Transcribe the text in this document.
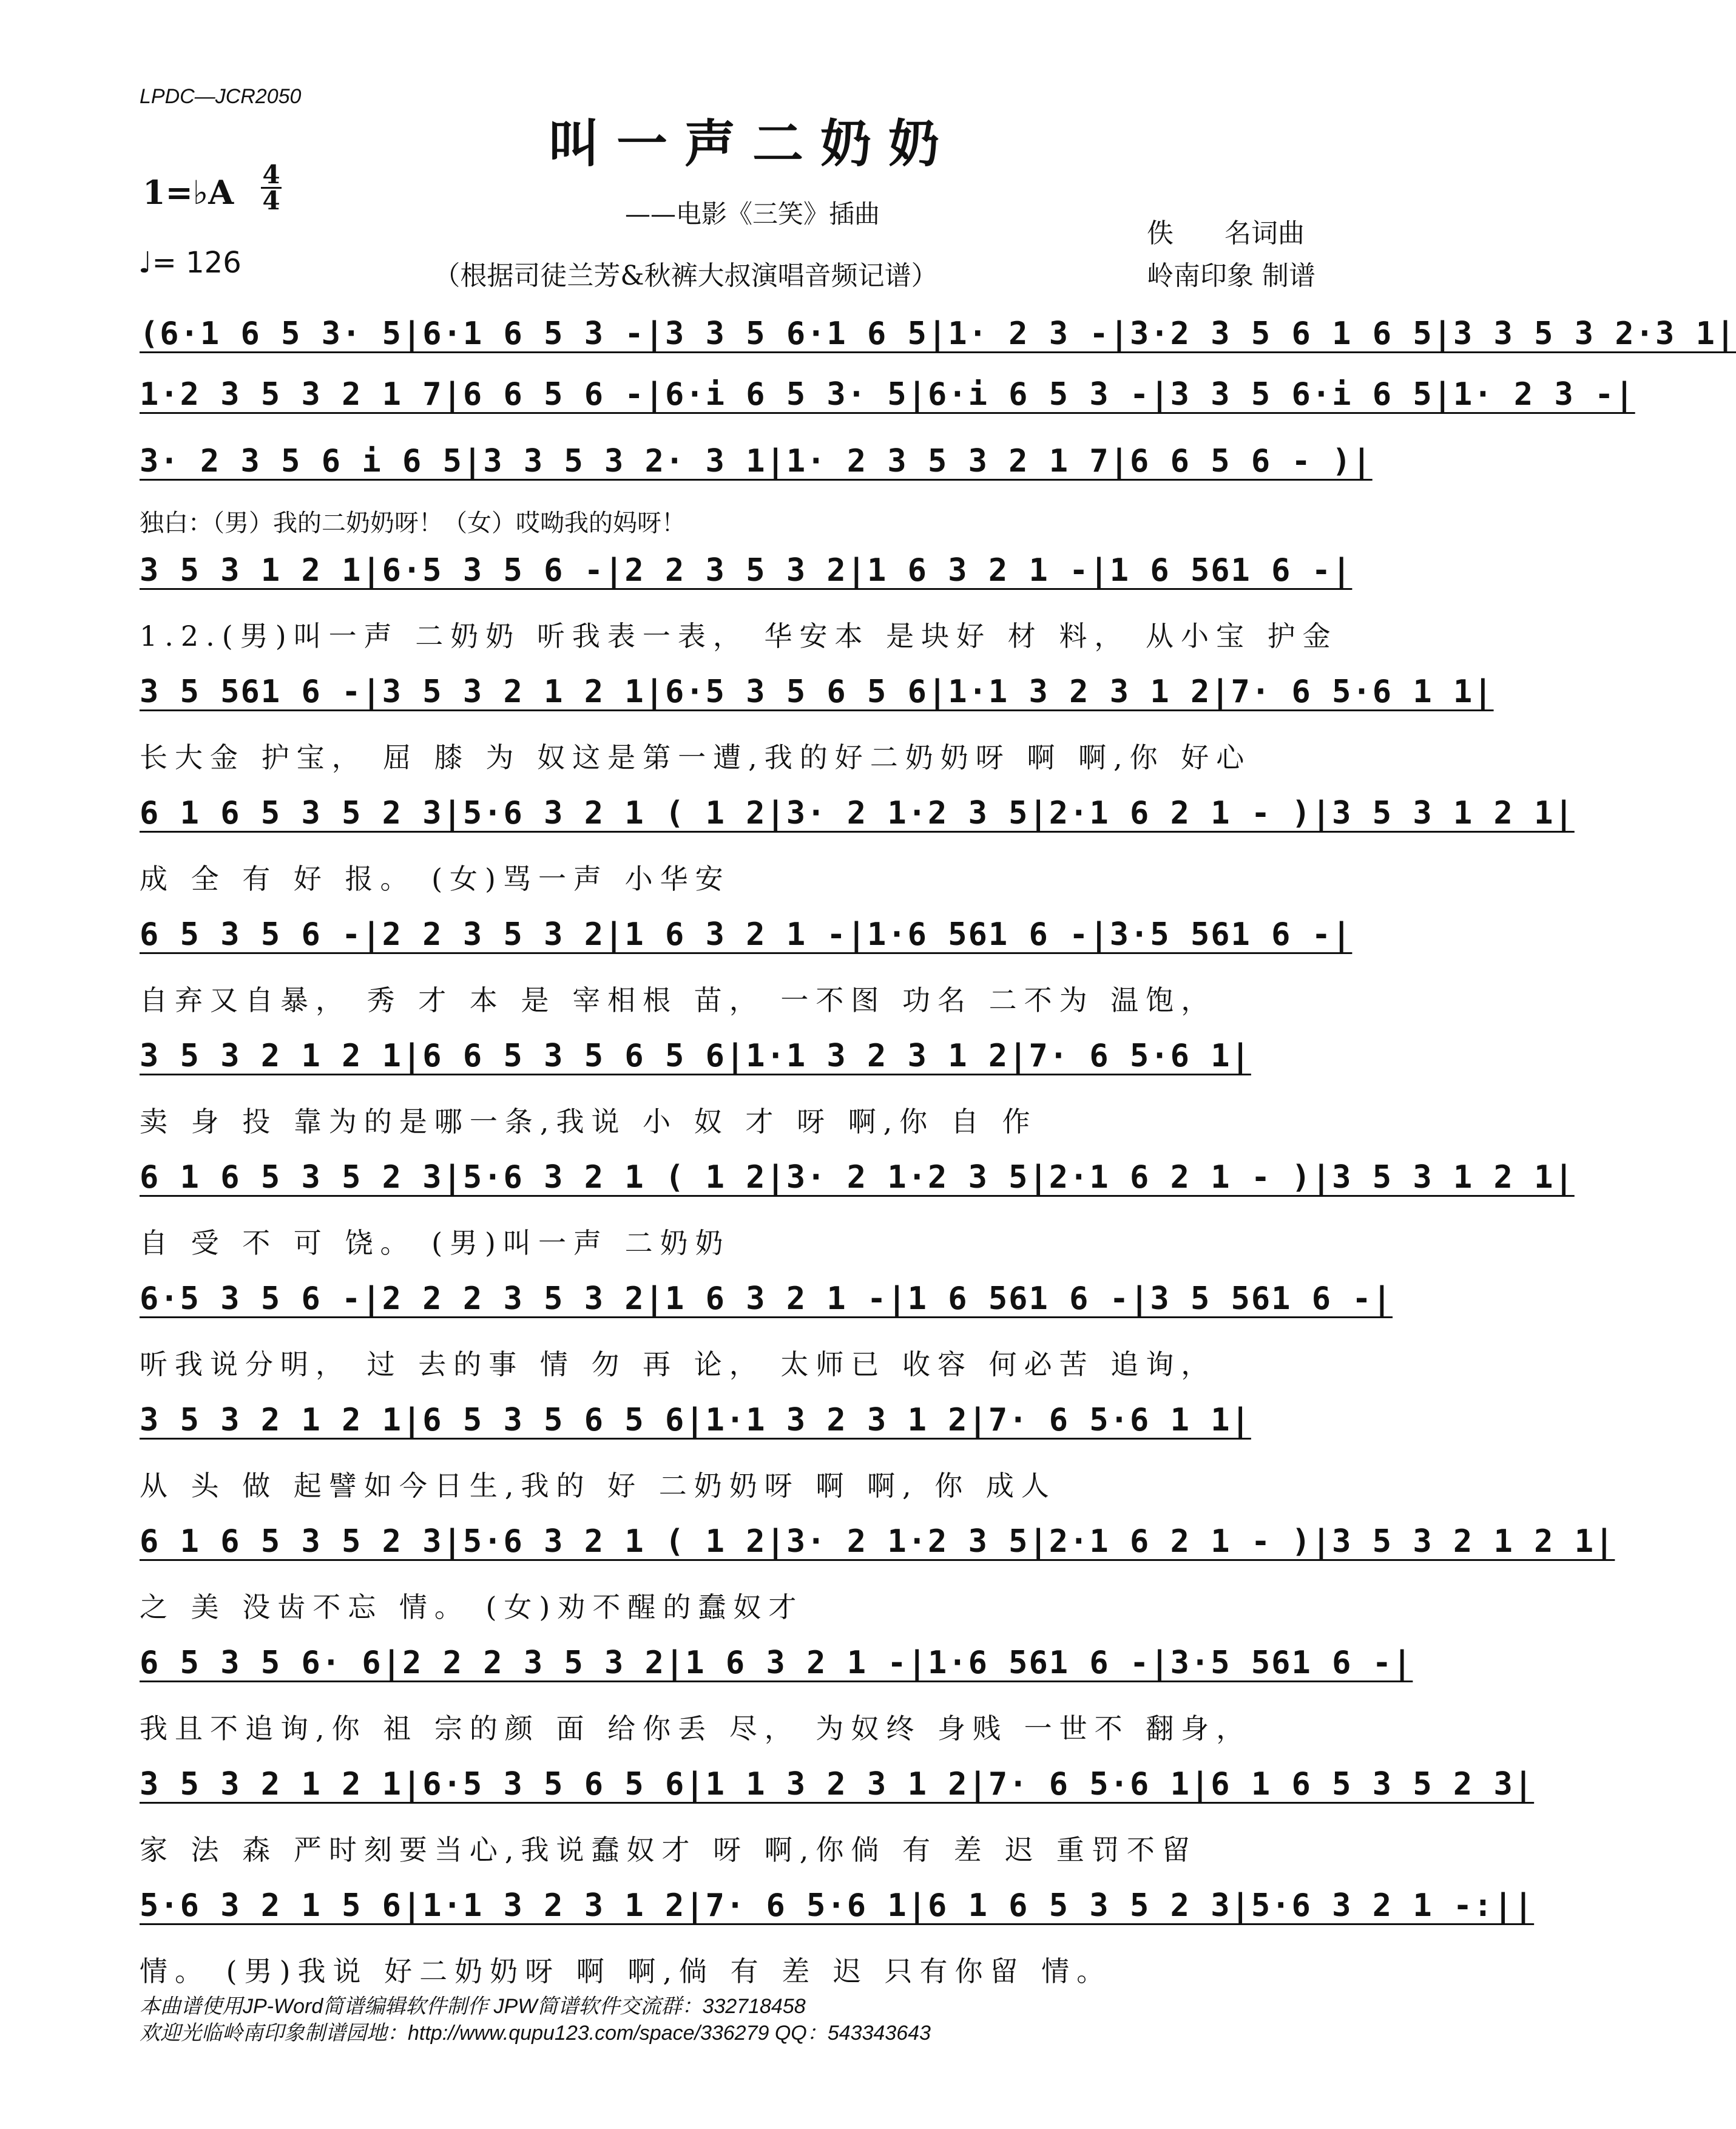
LPDC—JCR2050
叫一声二奶奶
1=♭A 4
4	——电影《三笑》插曲
♩= 126	（根据司徒兰芳&秋裤大叔演唱音频记谱）
佚 名词曲
岭南印象 制谱
(6·1 6 5 3· 5|6·1 6 5 3 -|3 3 5 6·1 6 5|1· 2 3 -|3·2 3 5 6 1 6 5|3 3 5 3 2·3 1|
1·2 3 5 3 2 1 7|6 6 5 6 -|6·i 6 5 3· 5|6·i 6 5 3 -|3 3 5 6·i 6 5|1· 2 3 -|
3· 2 3 5 6 i 6 5|3 3 5 3 2· 3 1|1· 2 3 5 3 2 1 7|6 6 5 6 - )|
独白：（男）我的二奶奶呀！（女）哎呦我的妈呀！
3 5 3 1 2 1|6·5 3 5 6 -|2 2 3 5 3 2|1 6 3 2 1 -|1 6 561 6 -|
1.2.(男)叫一声 二奶奶 听我表一表， 华安本 是块好 材 料， 从小宝 护金
3 5 561 6 -|3 5 3 2 1 2 1|6·5 3 5 6 5 6|1·1 3 2 3 1 2|7· 6 5·6 1 1|
长大金 护宝， 屈 膝 为 奴这是第一遭,我的好二奶奶呀 啊 啊,你 好心
6 1 6 5 3 5 2 3|5·6 3 2 1 ( 1 2|3· 2 1·2 3 5|2·1 6 2 1 - )|3 5 3 1 2 1|
成 全 有 好 报。 (女)骂一声 小华安
6 5 3 5 6 -|2 2 3 5 3 2|1 6 3 2 1 -|1·6 561 6 -|3·5 561 6 -|
自弃又自暴， 秀 才 本 是 宰相根 苗， 一不图 功名 二不为 温饱，
3 5 3 2 1 2 1|6 6 5 3 5 6 5 6|1·1 3 2 3 1 2|7· 6 5·6 1|
卖 身 投 靠为的是哪一条,我说 小 奴 才 呀 啊,你 自 作
6 1 6 5 3 5 2 3|5·6 3 2 1 ( 1 2|3· 2 1·2 3 5|2·1 6 2 1 - )|3 5 3 1 2 1|
自 受 不 可 饶。 (男)叫一声 二奶奶
6·5 3 5 6 -|2 2 2 3 5 3 2|1 6 3 2 1 -|1 6 561 6 -|3 5 561 6 -|
听我说分明， 过 去的事 情 勿 再 论， 太师已 收容 何必苦 追询，
3 5 3 2 1 2 1|6 5 3 5 6 5 6|1·1 3 2 3 1 2|7· 6 5·6 1 1|
从 头 做 起譬如今日生,我的 好 二奶奶呀 啊 啊, 你 成人
6 1 6 5 3 5 2 3|5·6 3 2 1 ( 1 2|3· 2 1·2 3 5|2·1 6 2 1 - )|3 5 3 2 1 2 1|
之 美 没齿不忘 情。 (女)劝不醒的蠢奴才
6 5 3 5 6· 6|2 2 2 3 5 3 2|1 6 3 2 1 -|1·6 561 6 -|3·5 561 6 -|
我且不追询,你 祖 宗的颜 面 给你丢 尽， 为奴终 身贱 一世不 翻身，
3 5 3 2 1 2 1|6·5 3 5 6 5 6|1 1 3 2 3 1 2|7· 6 5·6 1|6 1 6 5 3 5 2 3|
家 法 森 严时刻要当心,我说蠢奴才 呀 啊,你倘 有 差 迟 重罚不留
5·6 3 2 1 5 6|1·1 3 2 3 1 2|7· 6 5·6 1|6 1 6 5 3 5 2 3|5·6 3 2 1 -:||
情。 (男)我说 好二奶奶呀 啊 啊,倘 有 差 迟 只有你留 情。
本曲谱使用JP-Word简谱编辑软件制作 JPW简谱软件交流群：332718458
欢迎光临岭南印象制谱园地：http://www.qupu123.com/space/336279 QQ：543343643
